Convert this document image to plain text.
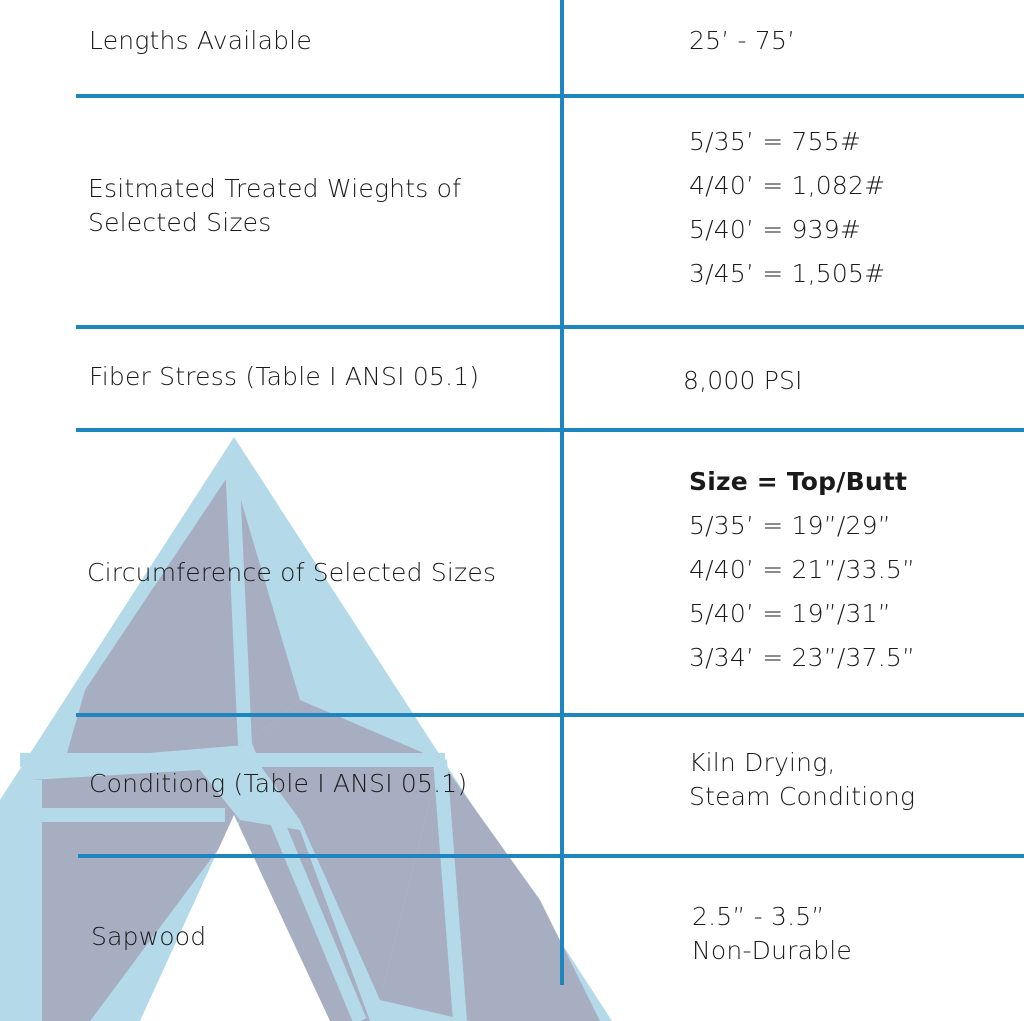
Lengths Available	25’ - 75’
Esitmated Treated Wieghts of
Selected Sizes
5/35’ = 755#
4/40’ = 1,082#
5/40’ = 939#
3/45’ = 1,505#
Fiber Stress (Table I ANSI 05.1)	8,000 PSI
Circumference of Selected Sizes
Size = Top/Butt
5/35’ = 19”/29”
4/40’ = 21”/33.5”
5/40’ = 19”/31”
3/34’ = 23”/37.5”
Conditiong (Table I ANSI 05.1)
Kiln Drying,
Steam Conditiong
Sapwood
2.5” - 3.5”
Non-Durable
